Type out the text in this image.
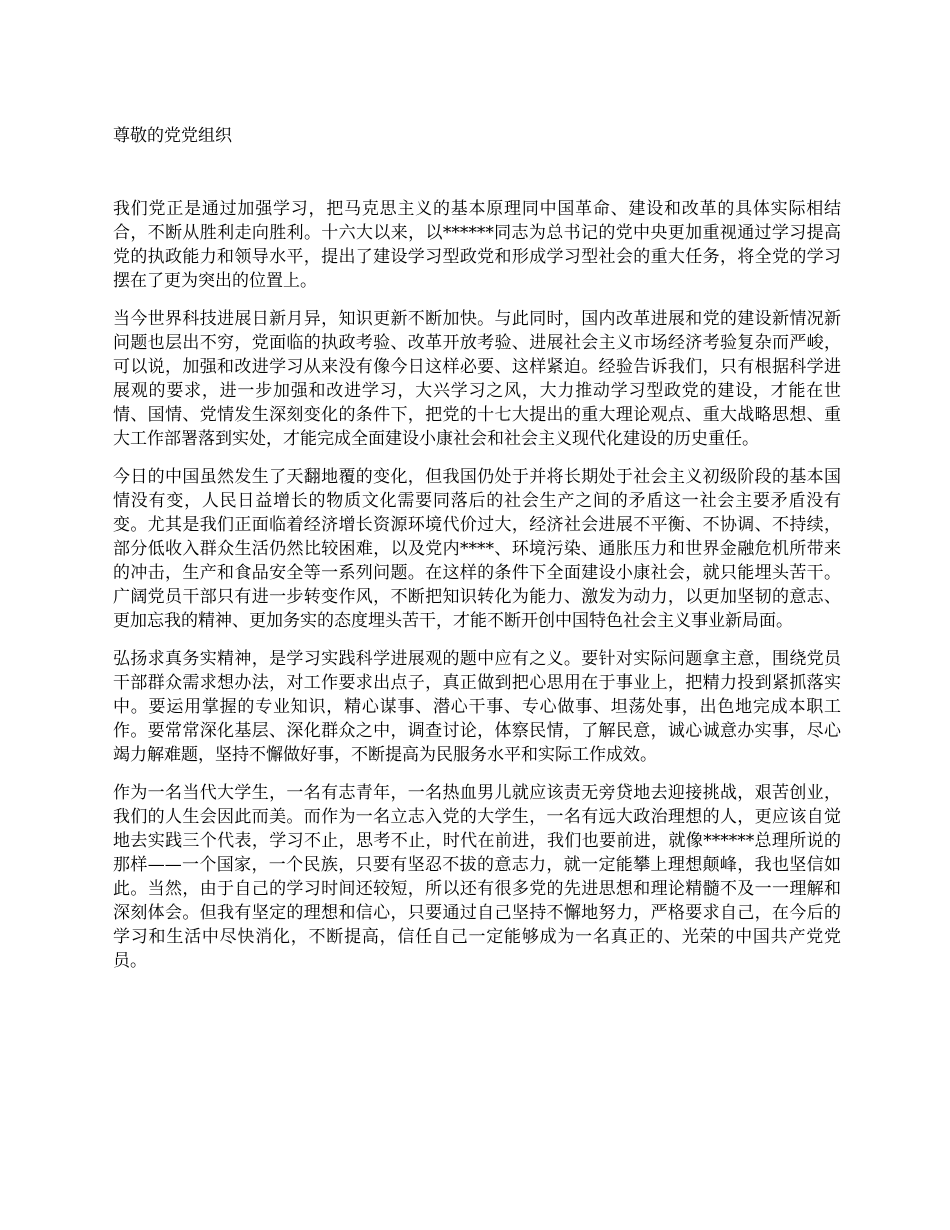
尊敬的党党组织

我们党正是通过加强学习，把马克思主义的基本原理同中国革命、建设和改革的具体实际相结合，不断从胜利走向胜利。十六大以来，以******同志为总书记的党中央更加重视通过学习提高党的执政能力和领导水平，提出了建设学习型政党和形成学习型社会的重大任务，将全党的学习摆在了更为突出的位置上。

当今世界科技进展日新月异，知识更新不断加快。与此同时，国内改革进展和党的建设新情况新问题也层出不穷，党面临的执政考验、改革开放考验、进展社会主义市场经济考验复杂而严峻，可以说，加强和改进学习从来没有像今日这样必要、这样紧迫。经验告诉我们，只有根据科学进展观的要求，进一步加强和改进学习，大兴学习之风，大力推动学习型政党的建设，才能在世情、国情、党情发生深刻变化的条件下，把党的十七大提出的重大理论观点、重大战略思想、重大工作部署落到实处，才能完成全面建设小康社会和社会主义现代化建设的历史重任。

今日的中国虽然发生了天翻地覆的变化，但我国仍处于并将长期处于社会主义初级阶段的基本国情没有变，人民日益增长的物质文化需要同落后的社会生产之间的矛盾这一社会主要矛盾没有变。尤其是我们正面临着经济增长资源环境代价过大，经济社会进展不平衡、不协调、不持续，部分低收入群众生活仍然比较困难，以及党内****、环境污染、通胀压力和世界金融危机所带来的冲击，生产和食品安全等一系列问题。在这样的条件下全面建设小康社会，就只能埋头苦干。广阔党员干部只有进一步转变作风，不断把知识转化为能力、激发为动力，以更加坚韧的意志、更加忘我的精神、更加务实的态度埋头苦干，才能不断开创中国特色社会主义事业新局面。

弘扬求真务实精神，是学习实践科学进展观的题中应有之义。要针对实际问题拿主意，围绕党员干部群众需求想办法，对工作要求出点子，真正做到把心思用在于事业上，把精力投到紧抓落实中。要运用掌握的专业知识，精心谋事、潜心干事、专心做事、坦荡处事，出色地完成本职工作。要常常深化基层、深化群众之中，调查讨论，体察民情，了解民意，诚心诚意办实事，尽心竭力解难题，坚持不懈做好事，不断提高为民服务水平和实际工作成效。

作为一名当代大学生，一名有志青年，一名热血男儿就应该责无旁贷地去迎接挑战，艰苦创业，我们的人生会因此而美。而作为一名立志入党的大学生，一名有远大政治理想的人，更应该自觉地去实践三个代表，学习不止，思考不止，时代在前进，我们也要前进，就像******总理所说的那样——一个国家，一个民族，只要有坚忍不拔的意志力，就一定能攀上理想颠峰，我也坚信如此。当然，由于自己的学习时间还较短，所以还有很多党的先进思想和理论精髓不及一一理解和深刻体会。但我有坚定的理想和信心，只要通过自己坚持不懈地努力，严格要求自己，在今后的学习和生活中尽快消化，不断提高，信任自己一定能够成为一名真正的、光荣的中国共产党党员。
